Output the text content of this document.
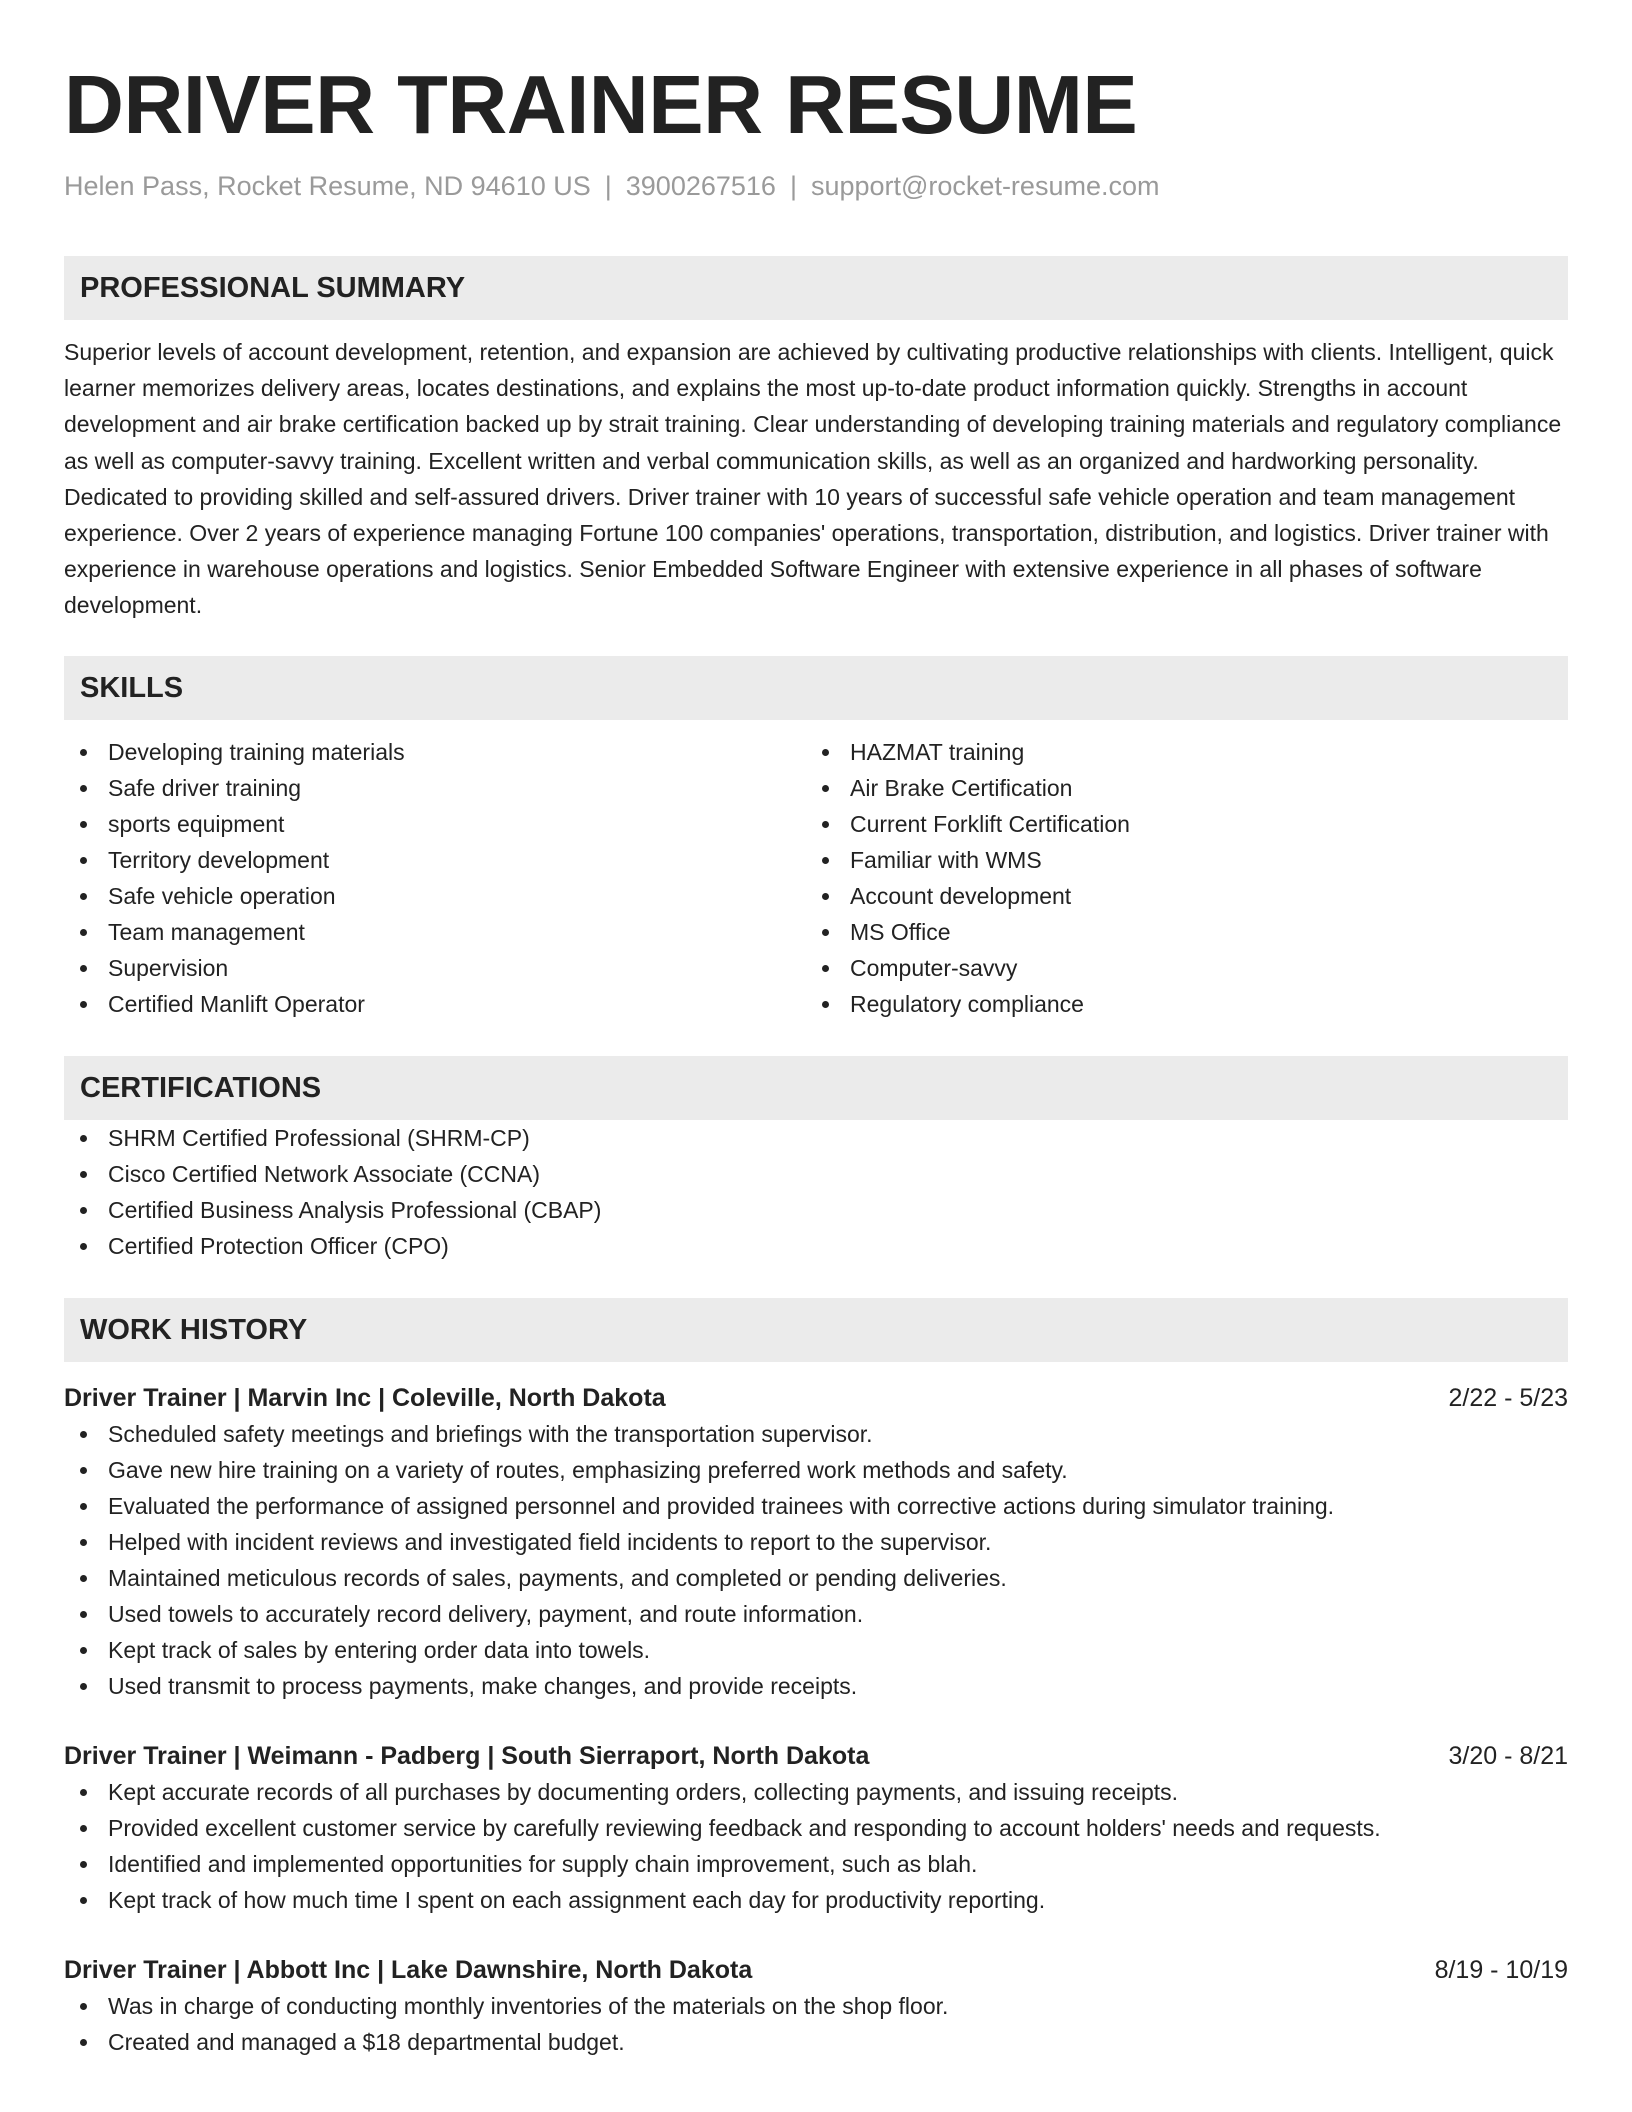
DRIVER TRAINER RESUME
Helen Pass, Rocket Resume, ND 94610 US | 3900267516 | support@rocket-resume.com
PROFESSIONAL SUMMARY
Superior levels of account development, retention, and expansion are achieved by cultivating productive relationships with clients. Intelligent, quick learner memorizes delivery areas, locates destinations, and explains the most up-to-date product information quickly. Strengths in account development and air brake certification backed up by strait training. Clear understanding of developing training materials and regulatory compliance as well as computer-savvy training. Excellent written and verbal communication skills, as well as an organized and hardworking personality. Dedicated to providing skilled and self-assured drivers. Driver trainer with 10 years of successful safe vehicle operation and team management experience. Over 2 years of experience managing Fortune 100 companies' operations, transportation, distribution, and logistics. Driver trainer with experience in warehouse operations and logistics. Senior Embedded Software Engineer with extensive experience in all phases of software development.
SKILLS
Developing training materials
Safe driver training
sports equipment
Territory development
Safe vehicle operation
Team management
Supervision
Certified Manlift Operator
HAZMAT training
Air Brake Certification
Current Forklift Certification
Familiar with WMS
Account development
MS Office
Computer-savvy
Regulatory compliance
CERTIFICATIONS
SHRM Certified Professional (SHRM-CP)
Cisco Certified Network Associate (CCNA)
Certified Business Analysis Professional (CBAP)
Certified Protection Officer (CPO)
WORK HISTORY
Driver Trainer | Marvin Inc | Coleville, North Dakota	2/22 - 5/23
Scheduled safety meetings and briefings with the transportation supervisor.
Gave new hire training on a variety of routes, emphasizing preferred work methods and safety.
Evaluated the performance of assigned personnel and provided trainees with corrective actions during simulator training.
Helped with incident reviews and investigated field incidents to report to the supervisor.
Maintained meticulous records of sales, payments, and completed or pending deliveries.
Used towels to accurately record delivery, payment, and route information.
Kept track of sales by entering order data into towels.
Used transmit to process payments, make changes, and provide receipts.
Driver Trainer | Weimann - Padberg | South Sierraport, North Dakota	3/20 - 8/21
Kept accurate records of all purchases by documenting orders, collecting payments, and issuing receipts.
Provided excellent customer service by carefully reviewing feedback and responding to account holders' needs and requests.
Identified and implemented opportunities for supply chain improvement, such as blah.
Kept track of how much time I spent on each assignment each day for productivity reporting.
Driver Trainer | Abbott Inc | Lake Dawnshire, North Dakota	8/19 - 10/19
Was in charge of conducting monthly inventories of the materials on the shop floor.
Created and managed a $18 departmental budget.
